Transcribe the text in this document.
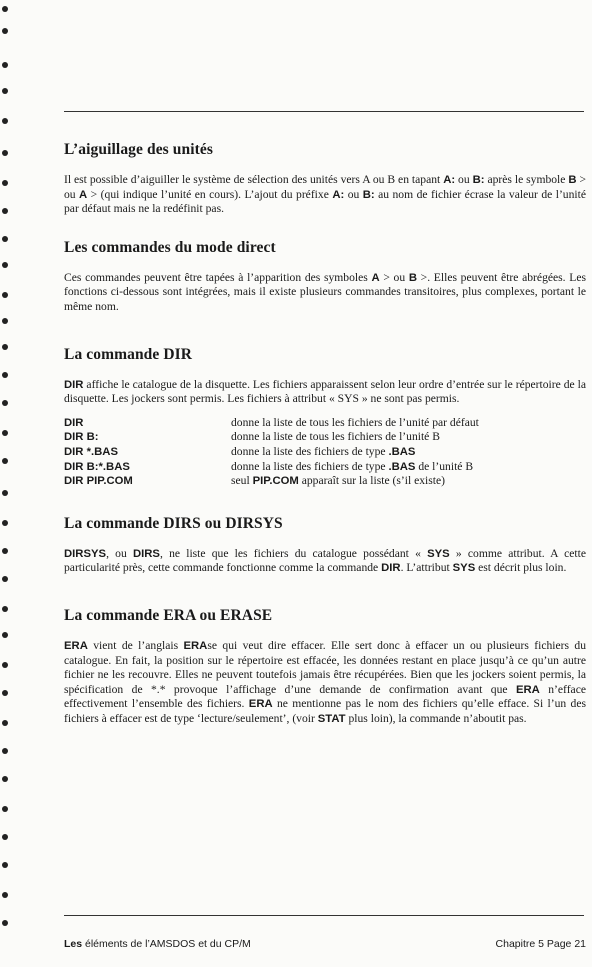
L’aiguillage des unités

Il est possible d’aiguiller le système de sélection des unités vers A ou B en tapant A: ou B: après le symbole B > ou A > (qui indique l’unité en cours). L’ajout du préfixe A: ou B: au nom de fichier écrase la valeur de l’unité par défaut mais ne la redéfinit pas.

Les commandes du mode direct

Ces commandes peuvent être tapées à l’apparition des symboles A > ou B >. Elles peuvent être abrégées. Les fonctions ci-dessous sont intégrées, mais il existe plusieurs commandes transitoires, plus complexes, portant le même nom.

La commande DIR

DIR affiche le catalogue de la disquette. Les fichiers apparaissent selon leur ordre d’entrée sur le répertoire de la disquette. Les jockers sont permis. Les fichiers à attribut « SYS » ne sont pas permis.

DIR	donne la liste de tous les fichiers de l’unité par défaut
DIR B:	donne la liste de tous les fichiers de l’unité B
DIR *.BAS	donne la liste des fichiers de type .BAS
DIR B:*.BAS	donne la liste des fichiers de type .BAS de l’unité B
DIR PIP.COM	seul PIP.COM apparaît sur la liste (s’il existe)
La commande DIRS ou DIRSYS

DIRSYS, ou DIRS, ne liste que les fichiers du catalogue possédant « SYS » comme attribut. A cette particularité près, cette commande fonctionne comme la commande DIR. L’attribut SYS est décrit plus loin.

La commande ERA ou ERASE

ERA vient de l’anglais ERAse qui veut dire effacer. Elle sert donc à effacer un ou plusieurs fichiers du catalogue. En fait, la position sur le répertoire est effacée, les données restant en place jusqu’à ce qu’un autre fichier ne les recouvre. Elles ne peuvent toutefois jamais être récupérées. Bien que les jockers soient permis, la spécification de *.* provoque l’affichage d’une demande de confirmation avant que ERA n’efface effectivement l’ensemble des fichiers. ERA ne mentionne pas le nom des fichiers qu’elle efface. Si l’un des fichiers à effacer est de type ‘lecture/seulement’, (voir STAT plus loin), la commande n’aboutit pas.

Les éléments de l’AMSDOS et du CP/M	Chapitre 5 Page 21
